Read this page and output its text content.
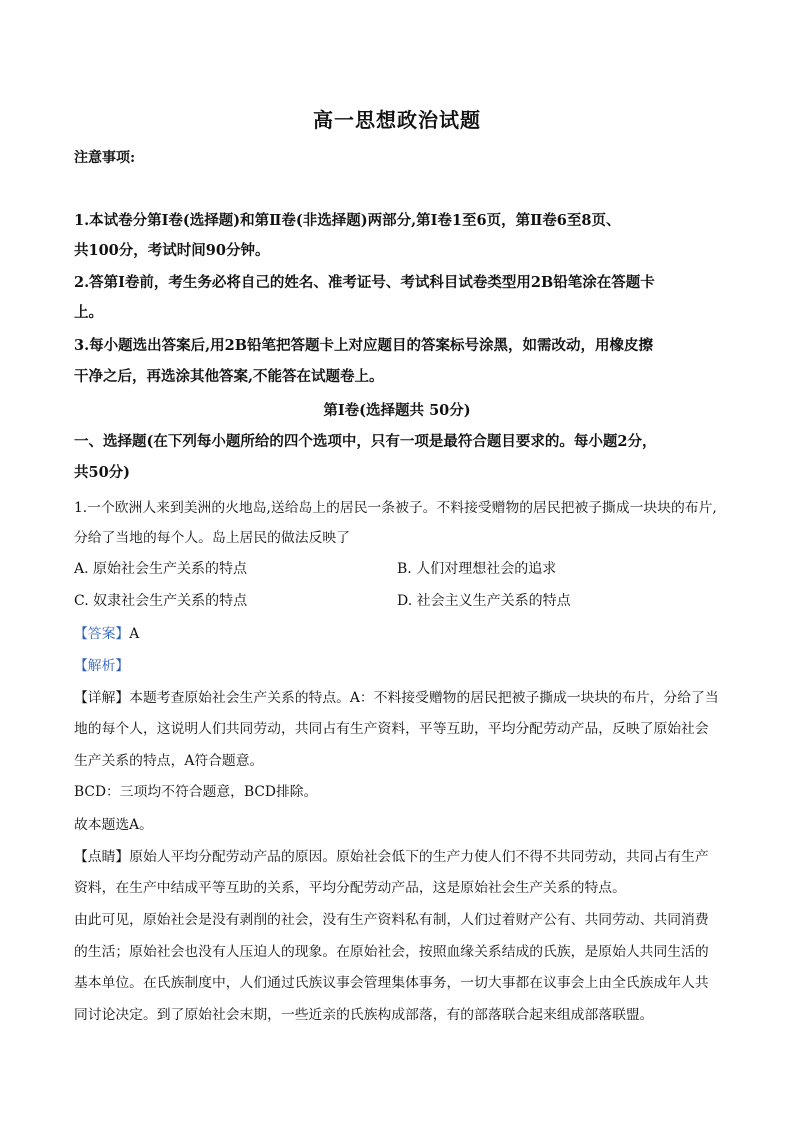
高一思想政治试题
注意事项:
1.本试卷分第Ⅰ卷(选择题)和第Ⅱ卷(非选择题)两部分,第Ⅰ卷1至6页，第Ⅱ卷6至8页、
共100分，考试时间90分钟。
2.答第Ⅰ卷前，考生务必将自己的姓名、准考证号、考试科目试卷类型用2B铅笔涂在答题卡
上。
3.每小题选出答案后,用2B铅笔把答题卡上对应题目的答案标号涂黑，如需改动，用橡皮擦
干净之后，再选涂其他答案,不能答在试题卷上。
第Ⅰ卷(选择题共 50分)
一、选择题(在下列每小题所给的四个选项中，只有一项是最符合题目要求的。每小题2分，
共50分)
1.一个欧洲人来到美洲的火地岛,送给岛上的居民一条被子。不料接受赠物的居民把被子撕成一块块的布片,
分给了当地的每个人。岛上居民的做法反映了
A. 原始社会生产关系的特点	B. 人们对理想社会的追求
C. 奴隶社会生产关系的特点	D. 社会主义生产关系的特点
【答案】A
【解析】
【详解】本题考查原始社会生产关系的特点。A：不料接受赠物的居民把被子撕成一块块的布片，分给了当
地的每个人，这说明人们共同劳动，共同占有生产资料，平等互助，平均分配劳动产品，反映了原始社会
生产关系的特点，A符合题意。
BCD：三项均不符合题意，BCD排除。
故本题选A。
【点睛】原始人平均分配劳动产品的原因。原始社会低下的生产力使人们不得不共同劳动，共同占有生产
资料，在生产中结成平等互助的关系，平均分配劳动产品，这是原始社会生产关系的特点。
由此可见，原始社会是没有剥削的社会，没有生产资料私有制，人们过着财产公有、共同劳动、共同消费
的生活；原始社会也没有人压迫人的现象。在原始社会，按照血缘关系结成的氏族，是原始人共同生活的
基本单位。在氏族制度中，人们通过氏族议事会管理集体事务，一切大事都在议事会上由全氏族成年人共
同讨论决定。到了原始社会末期，一些近亲的氏族构成部落，有的部落联合起来组成部落联盟。
